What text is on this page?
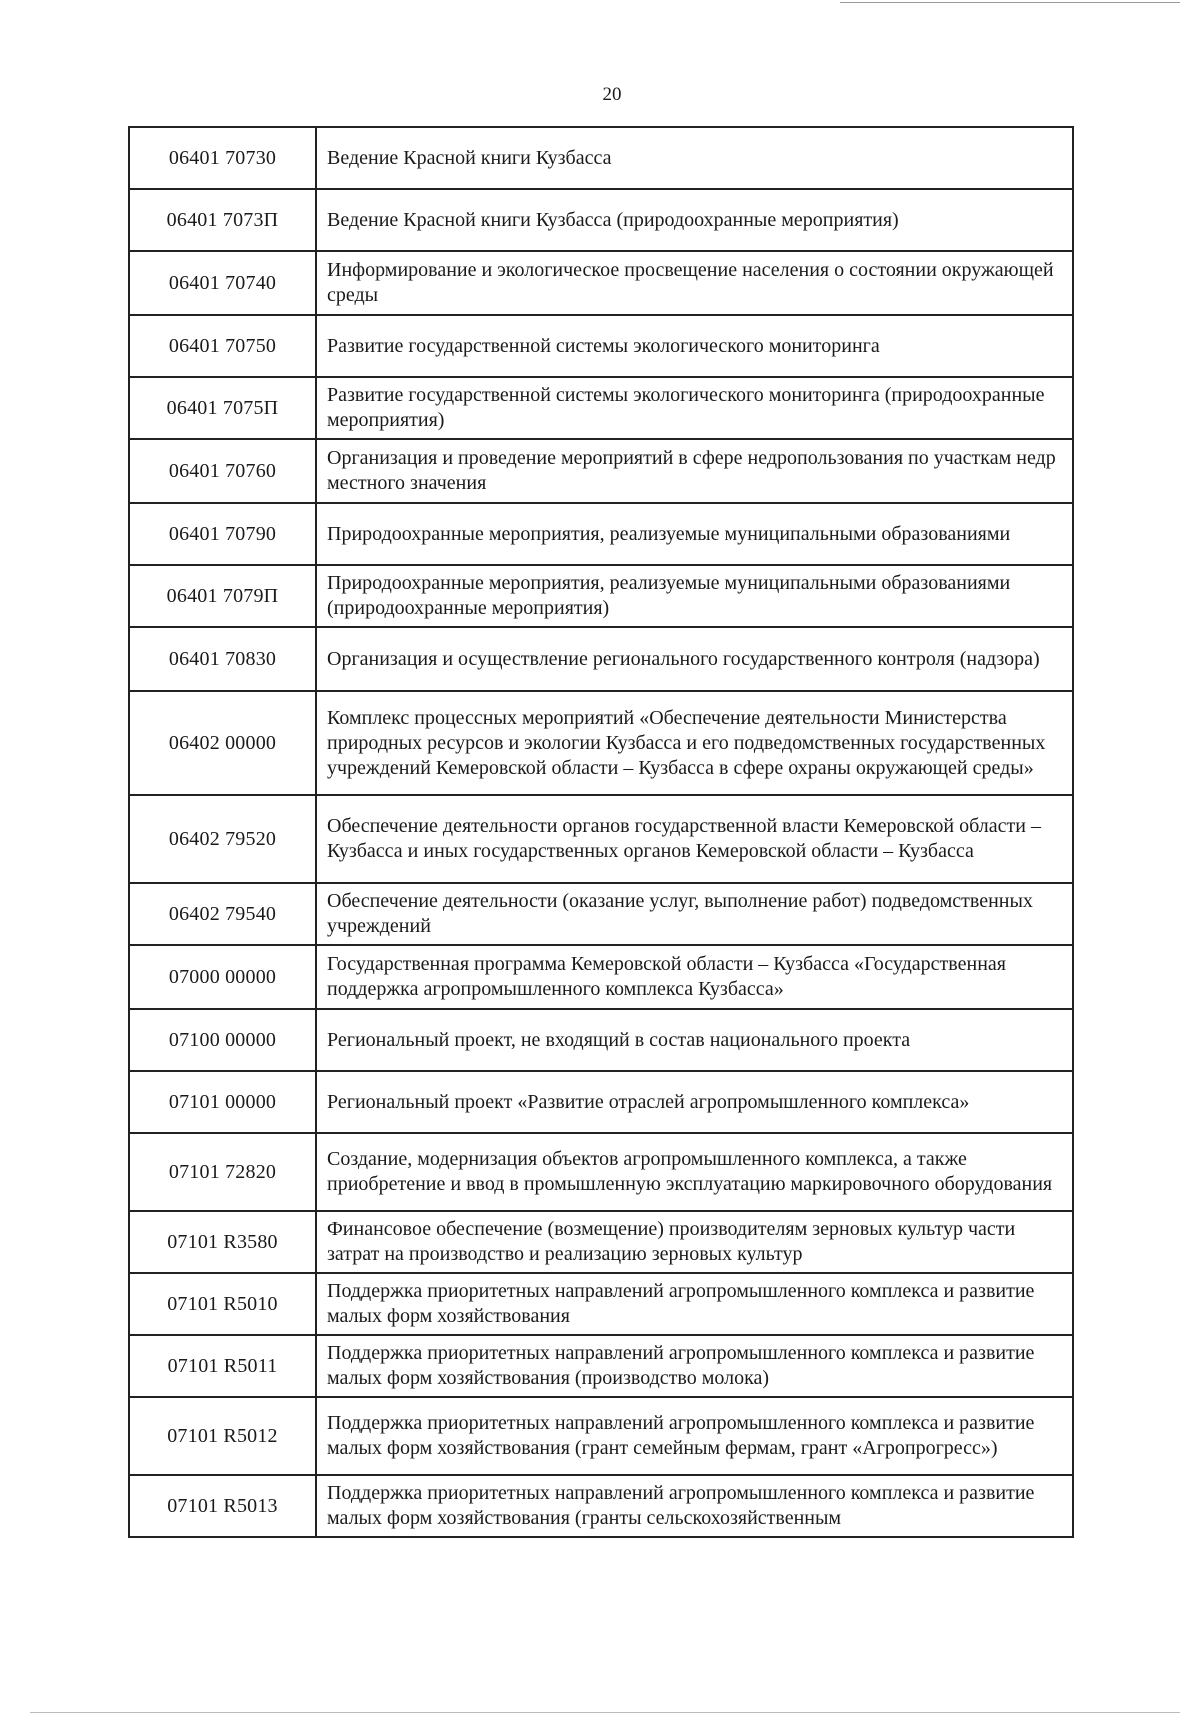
20
06401 70730	Ведение Красной книги Кузбасса
06401 7073П	Ведение Красной книги Кузбасса (природоохранные мероприятия)
06401 70740	Информирование и экологическое просвещение населения о состоянии окружающей среды
06401 70750	Развитие государственной системы экологического мониторинга
06401 7075П	Развитие государственной системы экологического мониторинга (природоохранные мероприятия)
06401 70760	Организация и проведение мероприятий в сфере недропользования по участкам недр местного значения
06401 70790	Природоохранные мероприятия, реализуемые муниципальными образованиями
06401 7079П	Природоохранные мероприятия, реализуемые муниципальными образованиями (природоохранные мероприятия)
06401 70830	Организация и осуществление регионального государственного контроля (надзора)
06402 00000	Комплекс процессных мероприятий «Обеспечение деятельности Министерства природных ресурсов и экологии Кузбасса и его подведомственных государственных учреждений Кемеровской области – Кузбасса в сфере охраны окружающей среды»
06402 79520	Обеспечение деятельности органов государственной власти Кемеровской области – Кузбасса и иных государственных органов Кемеровской области – Кузбасса
06402 79540	Обеспечение деятельности (оказание услуг, выполнение работ) подведомственных учреждений
07000 00000	Государственная программа Кемеровской области – Кузбасса «Государственная поддержка агропромышленного комплекса Кузбасса»
07100 00000	Региональный проект, не входящий в состав национального проекта
07101 00000	Региональный проект «Развитие отраслей агропромышленного комплекса»
07101 72820	Создание, модернизация объектов агропромышленного комплекса, а также приобретение и ввод в промышленную эксплуатацию маркировочного оборудования
07101 R3580	Финансовое обеспечение (возмещение) производителям зерновых культур части затрат на производство и реализацию зерновых культур
07101 R5010	Поддержка приоритетных направлений агропромышленного комплекса и развитие малых форм хозяйствования
07101 R5011	Поддержка приоритетных направлений агропромышленного комплекса и развитие малых форм хозяйствования (производство молока)
07101 R5012	Поддержка приоритетных направлений агропромышленного комплекса и развитие малых форм хозяйствования (грант семейным фермам, грант «Агропрогресс»)
07101 R5013	Поддержка приоритетных направлений агропромышленного комплекса и развитие малых форм хозяйствования (гранты сельскохозяйственным
